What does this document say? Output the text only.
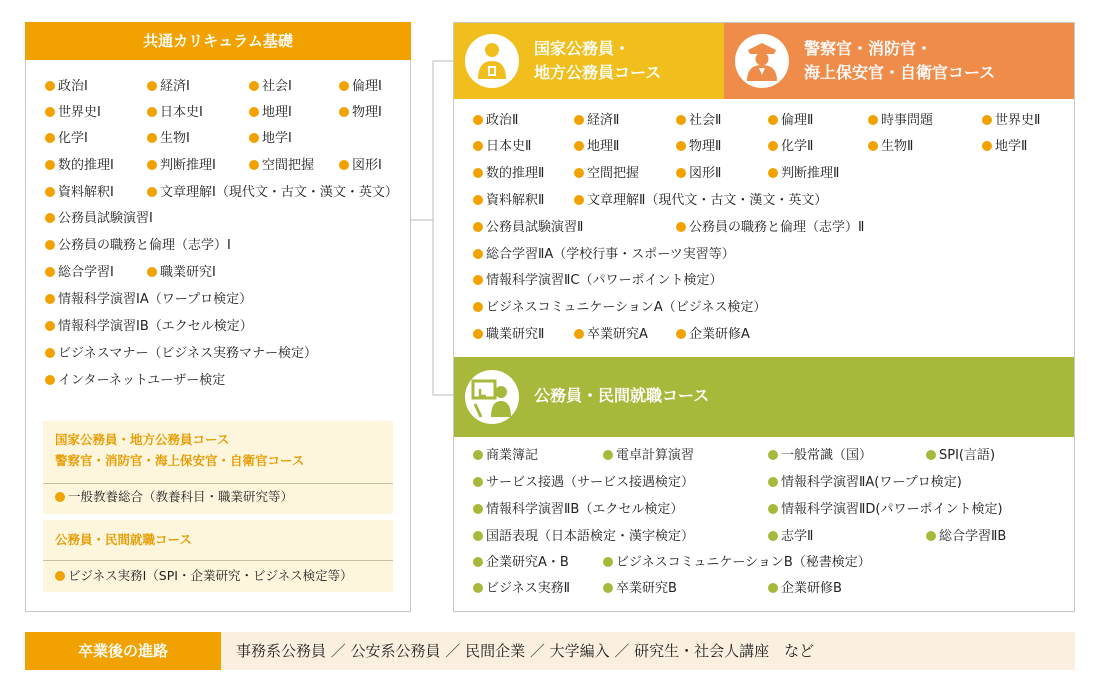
共通カリキュラム基礎
政治Ⅰ	経済Ⅰ	社会Ⅰ	倫理Ⅰ
世界史Ⅰ	日本史Ⅰ	地理Ⅰ	物理Ⅰ
化学Ⅰ	生物Ⅰ	地学Ⅰ
数的推理Ⅰ	判断推理Ⅰ	空間把握	図形Ⅰ
資料解釈Ⅰ	文章理解Ⅰ（現代文・古文・漢文・英文）
公務員試験演習Ⅰ
公務員の職務と倫理（志学）Ⅰ
総合学習Ⅰ	職業研究Ⅰ
情報科学演習ⅠA（ワープロ検定）
情報科学演習ⅠB（エクセル検定）
ビジネスマナー（ビジネス実務マナー検定）
インターネットユーザー検定
国家公務員・地方公務員コース
警察官・消防官・海上保安官・自衛官コース
一般教養総合（教養科目・職業研究等）
公務員・民間就職コース
ビジネス実務Ⅰ（SPI・企業研究・ビジネス検定等）
国家公務員・
地方公務員コース
警察官・消防官・
海上保安官・自衛官コース
政治Ⅱ	経済Ⅱ	社会Ⅱ	倫理Ⅱ	時事問題	世界史Ⅱ
日本史Ⅱ	地理Ⅱ	物理Ⅱ	化学Ⅱ	生物Ⅱ	地学Ⅱ
数的推理Ⅱ	空間把握	図形Ⅱ	判断推理Ⅱ
資料解釈Ⅱ	文章理解Ⅱ（現代文・古文・漢文・英文）
公務員試験演習Ⅱ	公務員の職務と倫理（志学）Ⅱ
総合学習ⅡA（学校行事・スポーツ実習等）
情報科学演習ⅡC（パワーポイント検定）
ビジネスコミュニケーションA（ビジネス検定）
職業研究Ⅱ	卒業研究A	企業研修A
公務員・民間就職コース
商業簿記	電卓計算演習	一般常識（国）	SPI(言語)
サービス接遇（サービス接遇検定）	情報科学演習ⅡA(ワープロ検定)
情報科学演習ⅡB（エクセル検定）	情報科学演習ⅡD(パワーポイント検定)
国語表現（日本語検定・漢字検定）	志学Ⅱ	総合学習ⅡB
企業研究A・B	ビジネスコミュニケーションB（秘書検定）
ビジネス実務Ⅱ	卒業研究B	企業研修B
卒業後の進路	事務系公務員 ／ 公安系公務員 ／ 民間企業 ／ 大学編入 ／ 研究生・社会人講座　など
